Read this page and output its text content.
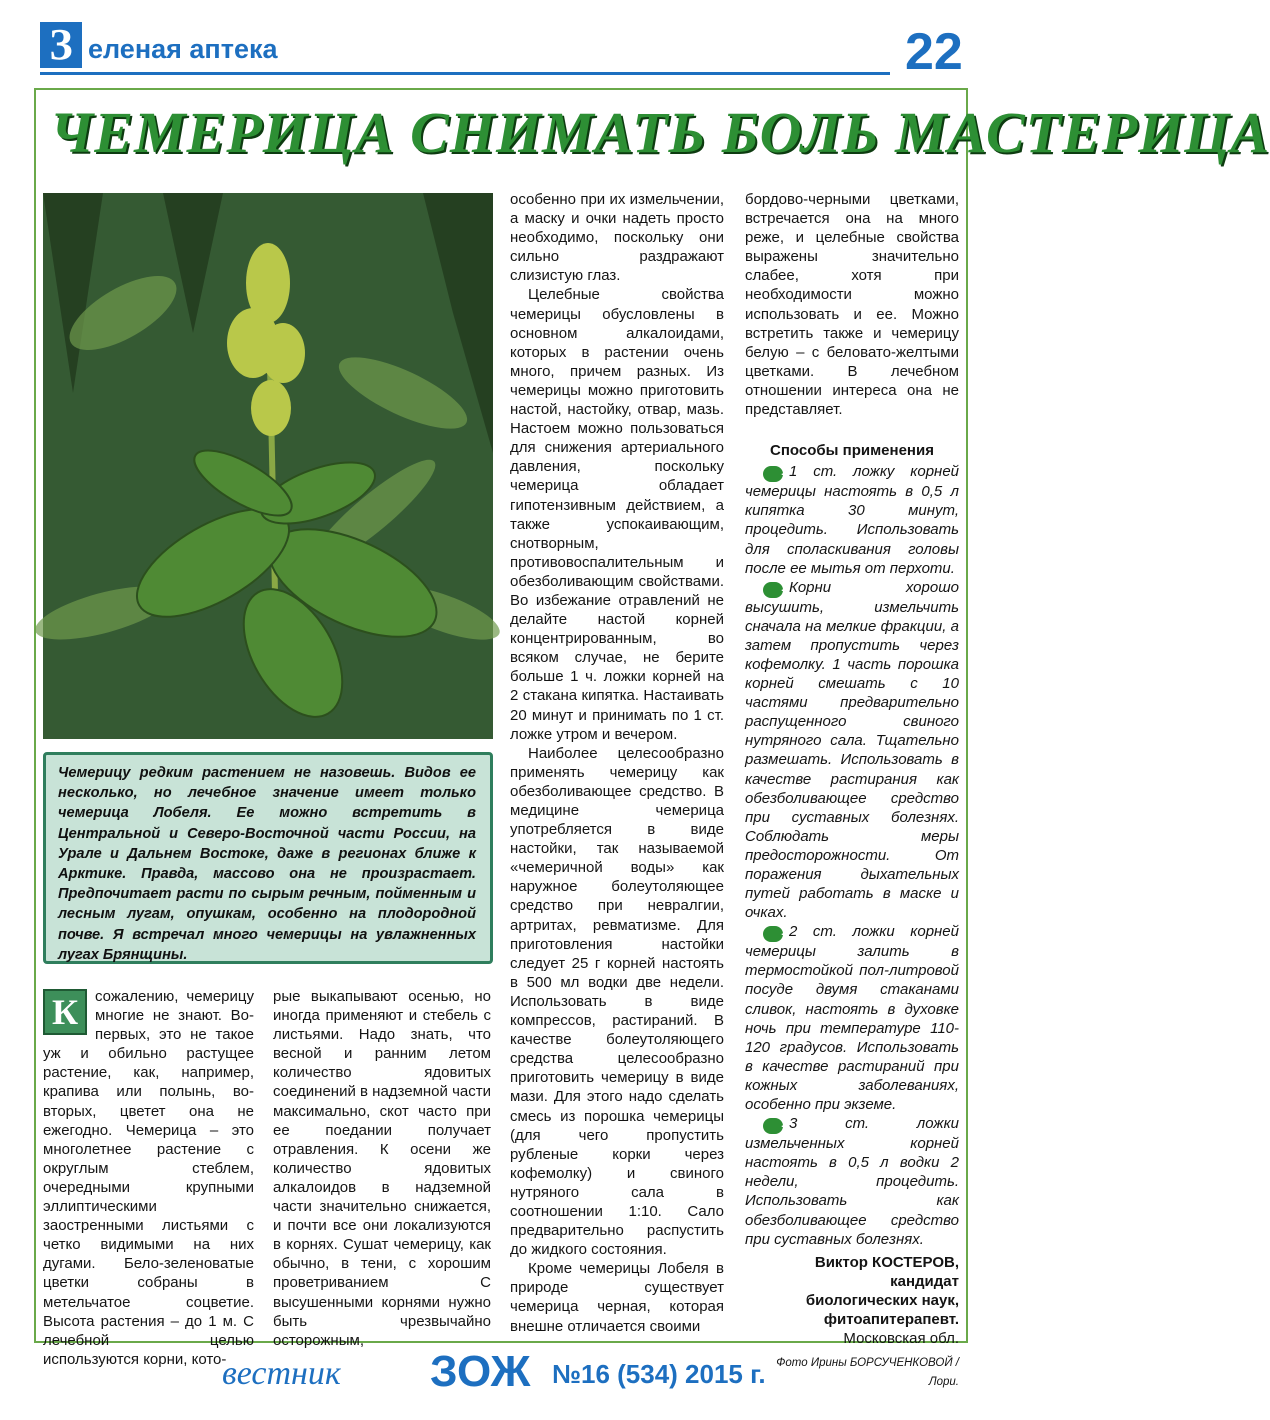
З еленая аптека	22
ЧЕМЕРИЦА СНИМАТЬ БОЛЬ МАСТЕРИЦА
Чемерицу редким растением не назовешь. Видов ее несколько, но лечебное значение имеет только чемерица Лобеля. Ее можно встретить в Центральной и Северо-Восточной части России, на Урале и Дальнем Востоке, даже в регионах ближе к Арктике. Правда, массово она не произрастает. Предпочитает расти по сырым речным, пойменным и лесным лугам, опушкам, особенно на плодородной почве. Я встречал много чемерицы на увлажненных лугах Брянщины.
К	сожалению, чемерицу многие не знают. Во-первых, это не такое уж и обильно растущее растение, как, например, крапива или полынь, во-вторых, цветет она не ежегодно. Чемерица – это многолетнее растение с округлым стеблем, очередными крупными эллиптическими заостренными листьями с четко видимыми на них дугами. Бело-зеленоватые цветки собраны в метельчатое соцветие. Высота растения – до 1 м. С лечебной целью используются корни, кото-

рые выкапывают осенью, но иногда применяют и стебель с листьями. Надо знать, что весной и ранним летом количество ядовитых соединений в надземной части максимально, скот часто при ее поедании получает отравления. К осени же количество ядовитых алкалоидов в надземной части значительно снижается, и почти все они локализуются в корнях. Сушат чемерицу, как обычно, в тени, с хорошим проветриванием С высушенными корнями нужно быть чрезвычайно осторожным,

особенно при их измельчении, а маску и очки надеть просто необходимо, поскольку они сильно раздражают слизистую глаз.

Целебные свойства чемерицы обусловлены в основном алкалоидами, которых в растении очень много, причем разных. Из чемерицы можно приготовить настой, настойку, отвар, мазь. Настоем можно пользоваться для снижения артериального давления, поскольку чемерица обладает гипотензивным действием, а также успокаивающим, снотворным, противовоспалительным и обезболивающим свойствами. Во избежание отравлений не делайте настой корней концентрированным, во всяком случае, не берите больше 1 ч. ложки корней на 2 стакана кипятка. Настаивать 20 минут и принимать по 1 ст. ложке утром и вечером.

Наиболее целесообразно применять чемерицу как обезболивающее средство. В медицине чемерица употребляется в виде настойки, так называемой «чемеричной воды» как наружное болеутоляющее средство при невралгии, артритах, ревматизме. Для приготовления настойки следует 25 г корней настоять в 500 мл водки две недели. Использовать в виде компрессов, растираний. В качестве болеутоляющего средства целесообразно приготовить чемерицу в виде мази. Для этого надо сделать смесь из порошка чемерицы (для чего пропустить рубленые корки через кофемолку) и свиного нутряного сала в соотношении 1:10. Сало предварительно распустить до жидкого состояния.

Кроме чемерицы Лобеля в природе существует чемерица черная, которая внешне отличается своими

бордово-черными цветками, встречается она на много реже, и целебные свойства выражены значительно слабее, хотя при необходимости можно использовать и ее. Можно встретить также и чемерицу белую – с беловато-желтыми цветками. В лечебном отношении интереса она не представляет.

Способы применения

➜1 ст. ложку корней чемерицы настоять в 0,5 л кипятка 30 минут, процедить. Использовать для споласкивания головы после ее мытья от перхоти.

➜Корни хорошо высушить, измельчить сначала на мелкие фракции, а затем пропустить через кофемолку. 1 часть порошка корней смешать с 10 частями предварительно распущенного свиного нутряного сала. Тщательно размешать. Использовать в качестве растирания как обезболивающее средство при суставных болезнях. Соблюдать меры предосторожности. От поражения дыхательных путей работать в маске и очках.

➜2 ст. ложки корней чемерицы залить в термостойкой пол-литровой посуде двумя стаканами сливок, настоять в духовке ночь при температуре 110-120 градусов. Использовать в качестве растираний при кожных заболеваниях, особенно при экземе.

➜3 ст. ложки измельченных корней настоять в 0,5 л водки 2 недели, процедить. Использовать как обезболивающее средство при суставных болезнях.

Виктор КОСТЕРОВ,
кандидат
биологических наук,
фитоапитерапевт.

Московская обл.

Фото Ирины БОРСУЧЕНКОВОЙ / Лори.

вестник ЗОЖ №16 (534) 2015 г.
